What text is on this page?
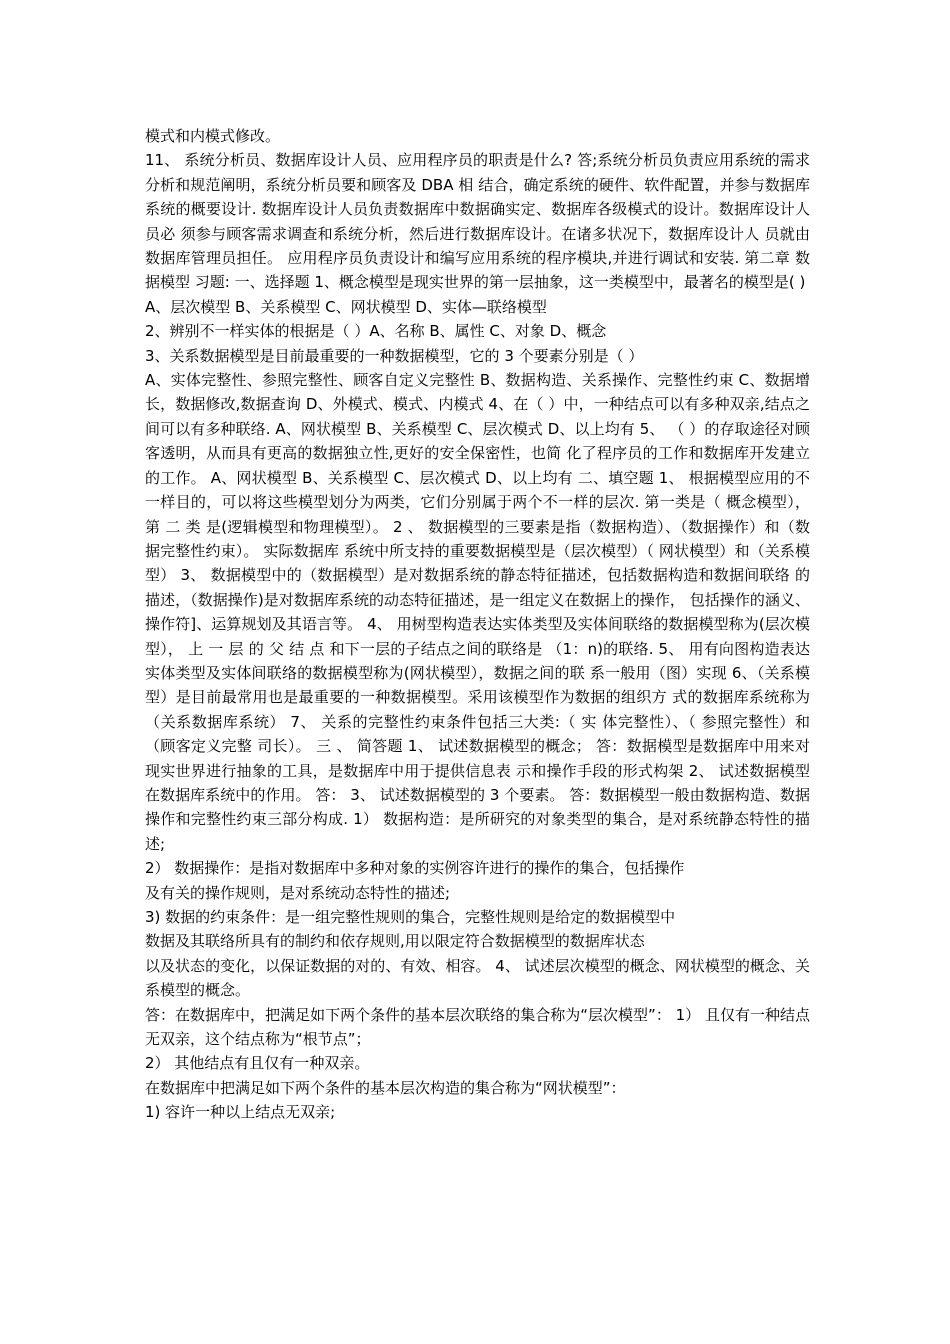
模式和内模式修改。

11、 系统分析员、数据库设计人员、应用程序员的职责是什么? 答;系统分析员负责应用系统的需求分析和规范阐明，系统分析员要和顾客及 DBA 相 结合，确定系统的硬件、软件配置，并参与数据库系统的概要设计. 数据库设计人员负责数据库中数据确实定、数据库各级模式的设计。数据库设计人员必 须参与顾客需求调查和系统分析，然后进行数据库设计。在诸多状况下，数据库设计人 员就由数据库管理员担任。 应用程序员负责设计和编写应用系统的程序模块,并进行调试和安装. 第二章 数据模型 习题: 一、选择题 1、概念模型是现实世界的第一层抽象，这一类模型中，最著名的模型是( )

A、层次模型 B、关系模型 C、网状模型 D、实体—联络模型

2、辨别不一样实体的根据是（ ）A、名称 B、属性 C、对象 D、概念

3、关系数据模型是目前最重要的一种数据模型，它的 3 个要素分别是（ ）

A、实体完整性、参照完整性、顾客自定义完整性 B、数据构造、关系操作、完整性约束 C、数据增长，数据修改,数据查询 D、外模式、模式、内模式 4、在（ ）中，一种结点可以有多种双亲,结点之间可以有多种联络. A、网状模型 B、关系模型 C、层次模式 D、以上均有 5、 （ ）的存取途径对顾客透明，从而具有更高的数据独立性,更好的安全保密性，也简 化了程序员的工作和数据库开发建立的工作。 A、网状模型 B、关系模型 C、层次模式 D、以上均有 二、填空题 1、 根据模型应用的不一样目的，可以将这些模型划分为两类，它们分别属于两个不一样的层次. 第一类是（ 概念模型）， 第 二 类 是(逻辑模型和物理模型）。 2 、 数据模型的三要素是指（数据构造）、（数据操作）和（数据完整性约束）。 实际数据库 系统中所支持的重要数据模型是（层次模型）（ 网状模型）和（关系模型） 3、 数据模型中的（数据模型）是对数据系统的静态特征描述，包括数据构造和数据间联络 的描述，（数据操作)是对数据库系统的动态特征描述，是一组定义在数据上的操作， 包括操作的涵义、操作符]、运算规划及其语言等。 4、 用树型构造表达实体类型及实体间联络的数据模型称为(层次模型）， 上 一 层 的 父 结 点 和下一层的子结点之间的联络是 （1：n)的联络. 5、 用有向图构造表达实体类型及实体间联络的数据模型称为(网状模型），数据之间的联 系一般用（图）实现 6、（关系模型）是目前最常用也是最重要的一种数据模型。采用该模型作为数据的组织方 式的数据库系统称为（关系数据库系统） 7、 关系的完整性约束条件包括三大类:（ 实 体完整性）、（ 参照完整性）和（顾客定义完整 司长）。 三 、 简答题 1、 试述数据模型的概念； 答：数据模型是数据库中用来对现实世界进行抽象的工具，是数据库中用于提供信息表 示和操作手段的形式构架 2、 试述数据模型在数据库系统中的作用。 答： 3、 试述数据模型的 3 个要素。 答：数据模型一般由数据构造、数据操作和完整性约束三部分构成. 1） 数据构造：是所研究的对象类型的集合，是对系统静态特性的描述;

2） 数据操作：是指对数据库中多种对象的实例容许进行的操作的集合，包括操作

及有关的操作规则，是对系统动态特性的描述;

3) 数据的约束条件：是一组完整性规则的集合，完整性规则是给定的数据模型中

数据及其联络所具有的制约和依存规则,用以限定符合数据模型的数据库状态

以及状态的变化，以保证数据的对的、有效、相容。 4、 试述层次模型的概念、网状模型的概念、关系模型的概念。

答：在数据库中，把满足如下两个条件的基本层次联络的集合称为“层次模型”： 1） 且仅有一种结点无双亲，这个结点称为“根节点”；

2） 其他结点有且仅有一种双亲。

在数据库中把满足如下两个条件的基本层次构造的集合称为“网状模型”：

1) 容许一种以上结点无双亲;
